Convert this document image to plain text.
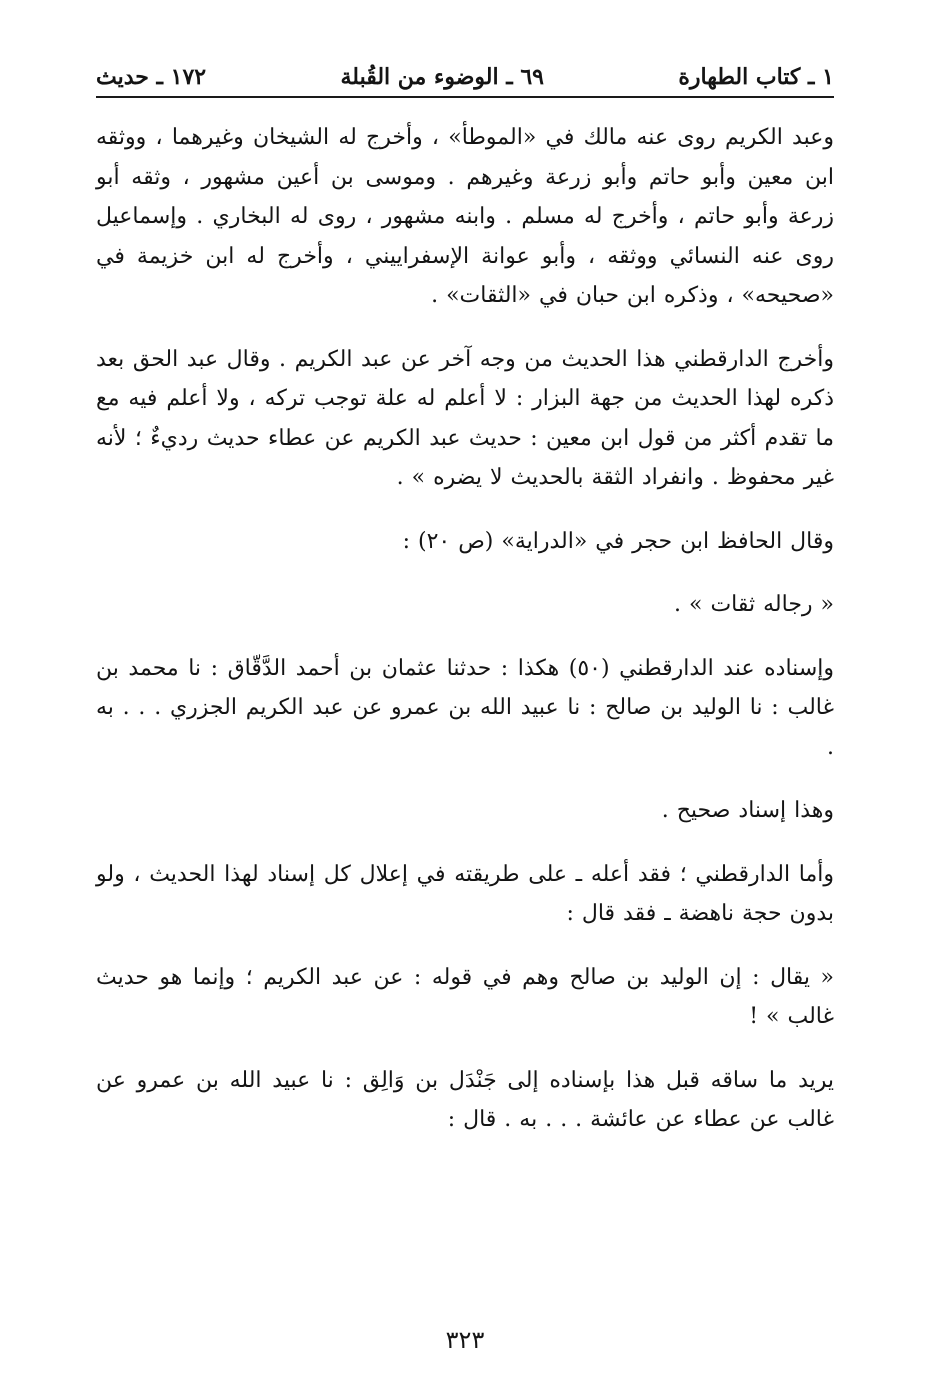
١ ـ كتاب الطهارة
٦٩ ـ الوضوء من القُبلة
١٧٢ ـ حديث

وعبد الكريم روى عنه مالك في «الموطأ» ، وأخرج له الشيخان وغيرهما ، ووثقه ابن معين وأبو حاتم وأبو زرعة وغيرهم . وموسى بن أعين مشهور ، وثقه أبو زرعة وأبو حاتم ، وأخرج له مسلم . وابنه مشهور ، روى له البخاري . وإسماعيل روى عنه النسائي ووثقه ، وأبو عوانة الإسفراييني ، وأخرج له ابن خزيمة في «صحيحه» ، وذكره ابن حبان في «الثقات» .

وأخرج الدارقطني هذا الحديث من وجه آخر عن عبد الكريم . وقال عبد الحق بعد ذكره لهذا الحديث من جهة البزار : لا أعلم له علة توجب تركه ، ولا أعلم فيه مع ما تقدم أكثر من قول ابن معين : حديث عبد الكريم عن عطاء حديث رديءٌ ؛ لأنه غير محفوظ . وانفراد الثقة بالحديث لا يضره » .

وقال الحافظ ابن حجر في «الدراية» (ص ٢٠) :

« رجاله ثقات » .

وإسناده عند الدارقطني (٥٠) هكذا : حدثنا عثمان بن أحمد الدَّقّاق : نا محمد بن غالب : نا الوليد بن صالح : نا عبيد الله بن عمرو عن عبد الكريم الجزري . . . به .

وهذا إسناد صحيح .

وأما الدارقطني ؛ فقد أعله ـ على طريقته في إعلال كل إسناد لهذا الحديث ، ولو بدون حجة ناهضة ـ فقد قال :

« يقال : إن الوليد بن صالح وهم في قوله : عن عبد الكريم ؛ وإنما هو حديث غالب » !

يريد ما ساقه قبل هذا بإسناده إلى جَنْدَل بن وَالِق : نا عبيد الله بن عمرو عن غالب عن عطاء عن عائشة . . . به . قال :

٣٢٣
